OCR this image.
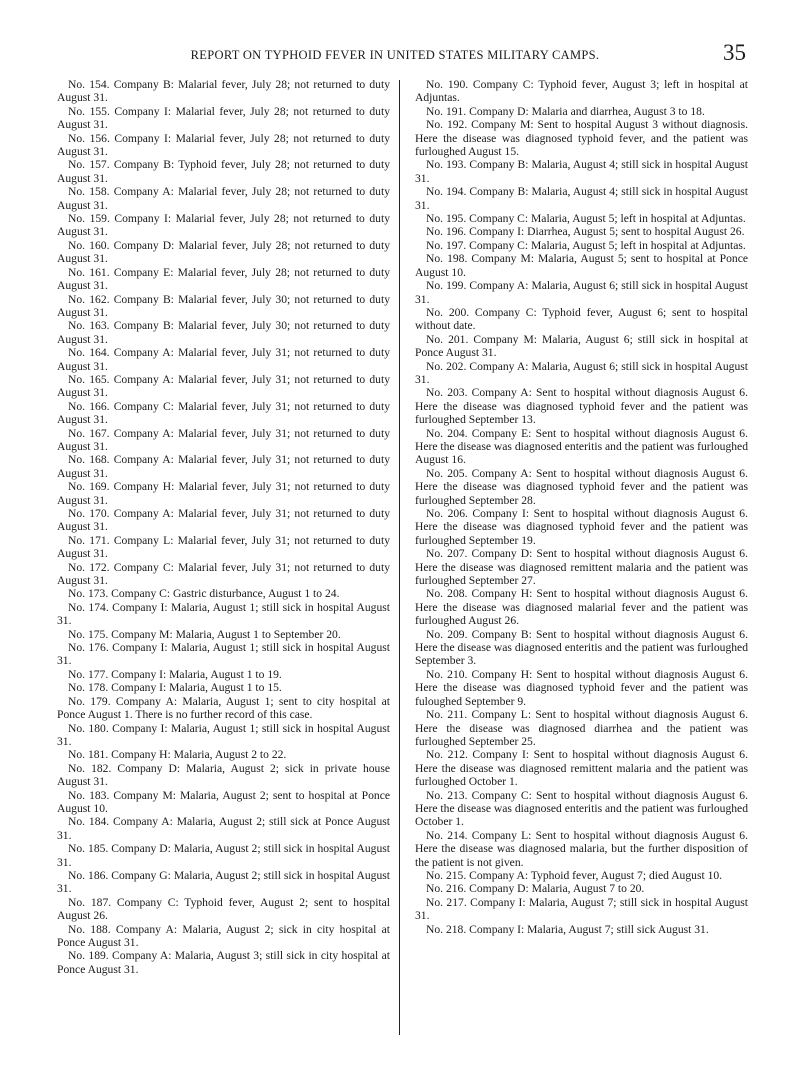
REPORT ON TYPHOID FEVER IN UNITED STATES MILITARY CAMPS.	35

No. 154. Company B: Malarial fever, July 28; not returned to duty August 31.

No. 155. Company I: Malarial fever, July 28; not returned to duty August 31.

No. 156. Company I: Malarial fever, July 28; not returned to duty August 31.

No. 157. Company B: Typhoid fever, July 28; not returned to duty August 31.

No. 158. Company A: Malarial fever, July 28; not returned to duty August 31.

No. 159. Company I: Malarial fever, July 28; not returned to duty August 31.

No. 160. Company D: Malarial fever, July 28; not returned to duty August 31.

No. 161. Company E: Malarial fever, July 28; not returned to duty August 31.

No. 162. Company B: Malarial fever, July 30; not returned to duty August 31.

No. 163. Company B: Malarial fever, July 30; not returned to duty August 31.

No. 164. Company A: Malarial fever, July 31; not returned to duty August 31.

No. 165. Company A: Malarial fever, July 31; not returned to duty August 31.

No. 166. Company C: Malarial fever, July 31; not returned to duty August 31.

No. 167. Company A: Malarial fever, July 31; not returned to duty August 31.

No. 168. Company A: Malarial fever, July 31; not returned to duty August 31.

No. 169. Company H: Malarial fever, July 31; not returned to duty August 31.

No. 170. Company A: Malarial fever, July 31; not returned to duty August 31.

No. 171. Company L: Malarial fever, July 31; not returned to duty August 31.

No. 172. Company C: Malarial fever, July 31; not returned to duty August 31.

No. 173. Company C: Gastric disturbance, August 1 to 24.

No. 174. Company I: Malaria, August 1; still sick in hospital August 31.

No. 175. Company M: Malaria, August 1 to September 20.

No. 176. Company I: Malaria, August 1; still sick in hospital August 31.

No. 177. Company I: Malaria, August 1 to 19.

No. 178. Company I: Malaria, August 1 to 15.

No. 179. Company A: Malaria, August 1; sent to city hospital at Ponce August 1. There is no further record of this case.

No. 180. Company I: Malaria, August 1; still sick in hospital August 31.

No. 181. Company H: Malaria, August 2 to 22.

No. 182. Company D: Malaria, August 2; sick in private house August 31.

No. 183. Company M: Malaria, August 2; sent to hospital at Ponce August 10.

No. 184. Company A: Malaria, August 2; still sick at Ponce August 31.

No. 185. Company D: Malaria, August 2; still sick in hospital August 31.

No. 186. Company G: Malaria, August 2; still sick in hospital August 31.

No. 187. Company C: Typhoid fever, August 2; sent to hospital August 26.

No. 188. Company A: Malaria, August 2; sick in city hospital at Ponce August 31.

No. 189. Company A: Malaria, August 3; still sick in city hospital at Ponce August 31.

No. 190. Company C: Typhoid fever, August 3; left in hospital at Adjuntas.

No. 191. Company D: Malaria and diarrhea, August 3 to 18.

No. 192. Company M: Sent to hospital August 3 without diagnosis. Here the disease was diagnosed typhoid fever, and the patient was furloughed August 15.

No. 193. Company B: Malaria, August 4; still sick in hospital August 31.

No. 194. Company B: Malaria, August 4; still sick in hospital August 31.

No. 195. Company C: Malaria, August 5; left in hospital at Adjuntas.

No. 196. Company I: Diarrhea, August 5; sent to hospital August 26.

No. 197. Company C: Malaria, August 5; left in hospital at Adjuntas.

No. 198. Company M: Malaria, August 5; sent to hospital at Ponce August 10.

No. 199. Company A: Malaria, August 6; still sick in hospital August 31.

No. 200. Company C: Typhoid fever, August 6; sent to hospital without date.

No. 201. Company M: Malaria, August 6; still sick in hospital at Ponce August 31.

No. 202. Company A: Malaria, August 6; still sick in hospital August 31.

No. 203. Company A: Sent to hospital without diagnosis August 6. Here the disease was diagnosed typhoid fever and the patient was furloughed September 13.

No. 204. Company E: Sent to hospital without diagnosis August 6. Here the disease was diagnosed enteritis and the patient was furloughed August 16.

No. 205. Company A: Sent to hospital without diagnosis August 6. Here the disease was diagnosed typhoid fever and the patient was furloughed September 28.

No. 206. Company I: Sent to hospital without diagnosis August 6. Here the disease was diagnosed typhoid fever and the patient was furloughed September 19.

No. 207. Company D: Sent to hospital without diagnosis August 6. Here the disease was diagnosed remittent malaria and the patient was furloughed September 27.

No. 208. Company H: Sent to hospital without diagnosis August 6. Here the disease was diagnosed malarial fever and the patient was furloughed August 26.

No. 209. Company B: Sent to hospital without diagnosis August 6. Here the disease was diagnosed enteritis and the patient was furloughed September 3.

No. 210. Company H: Sent to hospital without diagnosis August 6. Here the disease was diagnosed typhoid fever and the patient was fuloughed September 9.

No. 211. Company L: Sent to hospital without diagnosis August 6. Here the disease was diagnosed diarrhea and the patient was furloughed September 25.

No. 212. Company I: Sent to hospital without diagnosis August 6. Here the disease was diagnosed remittent malaria and the patient was furloughed October 1.

No. 213. Company C: Sent to hospital without diagnosis August 6. Here the disease was diagnosed enteritis and the patient was furloughed October 1.

No. 214. Company L: Sent to hospital without diagnosis August 6. Here the disease was diagnosed malaria, but the further disposition of the patient is not given.

No. 215. Company A: Typhoid fever, August 7; died August 10.

No. 216. Company D: Malaria, August 7 to 20.

No. 217. Company I: Malaria, August 7; still sick in hospital August 31.

No. 218. Company I: Malaria, August 7; still sick August 31.
